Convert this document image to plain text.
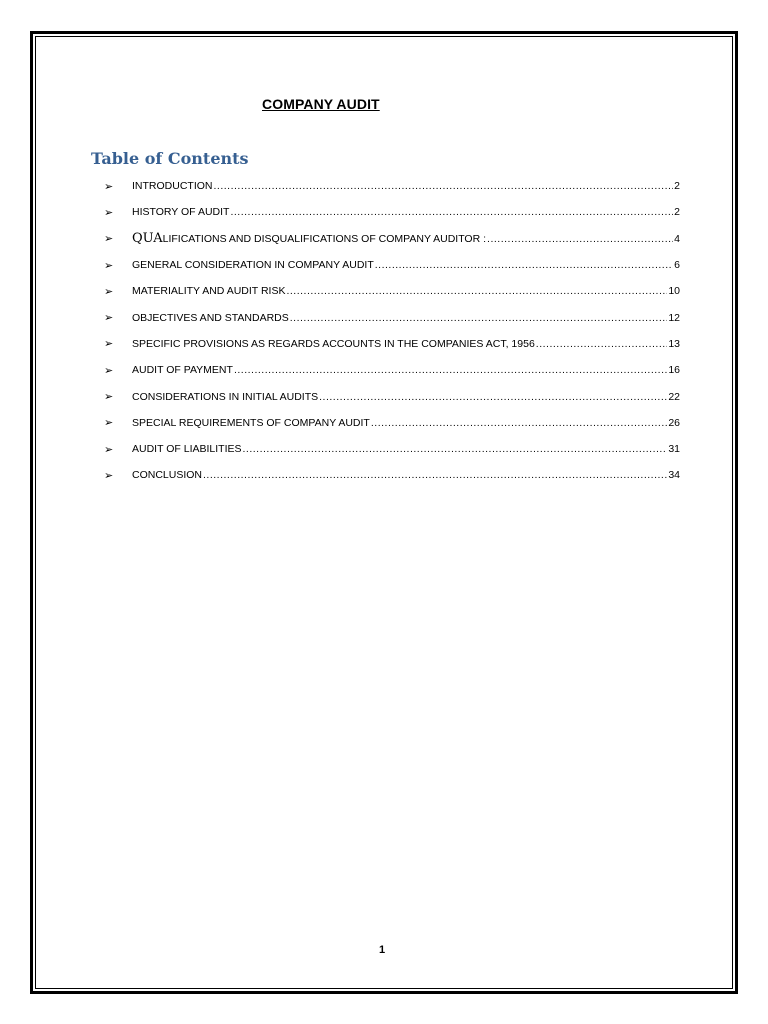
COMPANY AUDIT
Table of Contents
➢	INTRODUCTION .....	2
➢	HISTORY OF AUDIT .....	2
➢	QUALIFICATIONS AND DISQUALIFICATIONS OF COMPANY AUDITOR : .....	4
➢	GENERAL CONSIDERATION IN COMPANY AUDIT .....	6
➢	MATERIALITY AND AUDIT RISK .....	10
➢	OBJECTIVES AND STANDARDS .....	12
➢	SPECIFIC PROVISIONS AS REGARDS ACCOUNTS IN THE COMPANIES ACT, 1956 .....	13
➢	AUDIT OF PAYMENT .....	16
➢	CONSIDERATIONS IN INITIAL AUDITS .....	22
➢	SPECIAL REQUIREMENTS OF COMPANY AUDIT .....	26
➢	AUDIT OF LIABILITIES .....	31
➢	CONCLUSION .....	34
1
